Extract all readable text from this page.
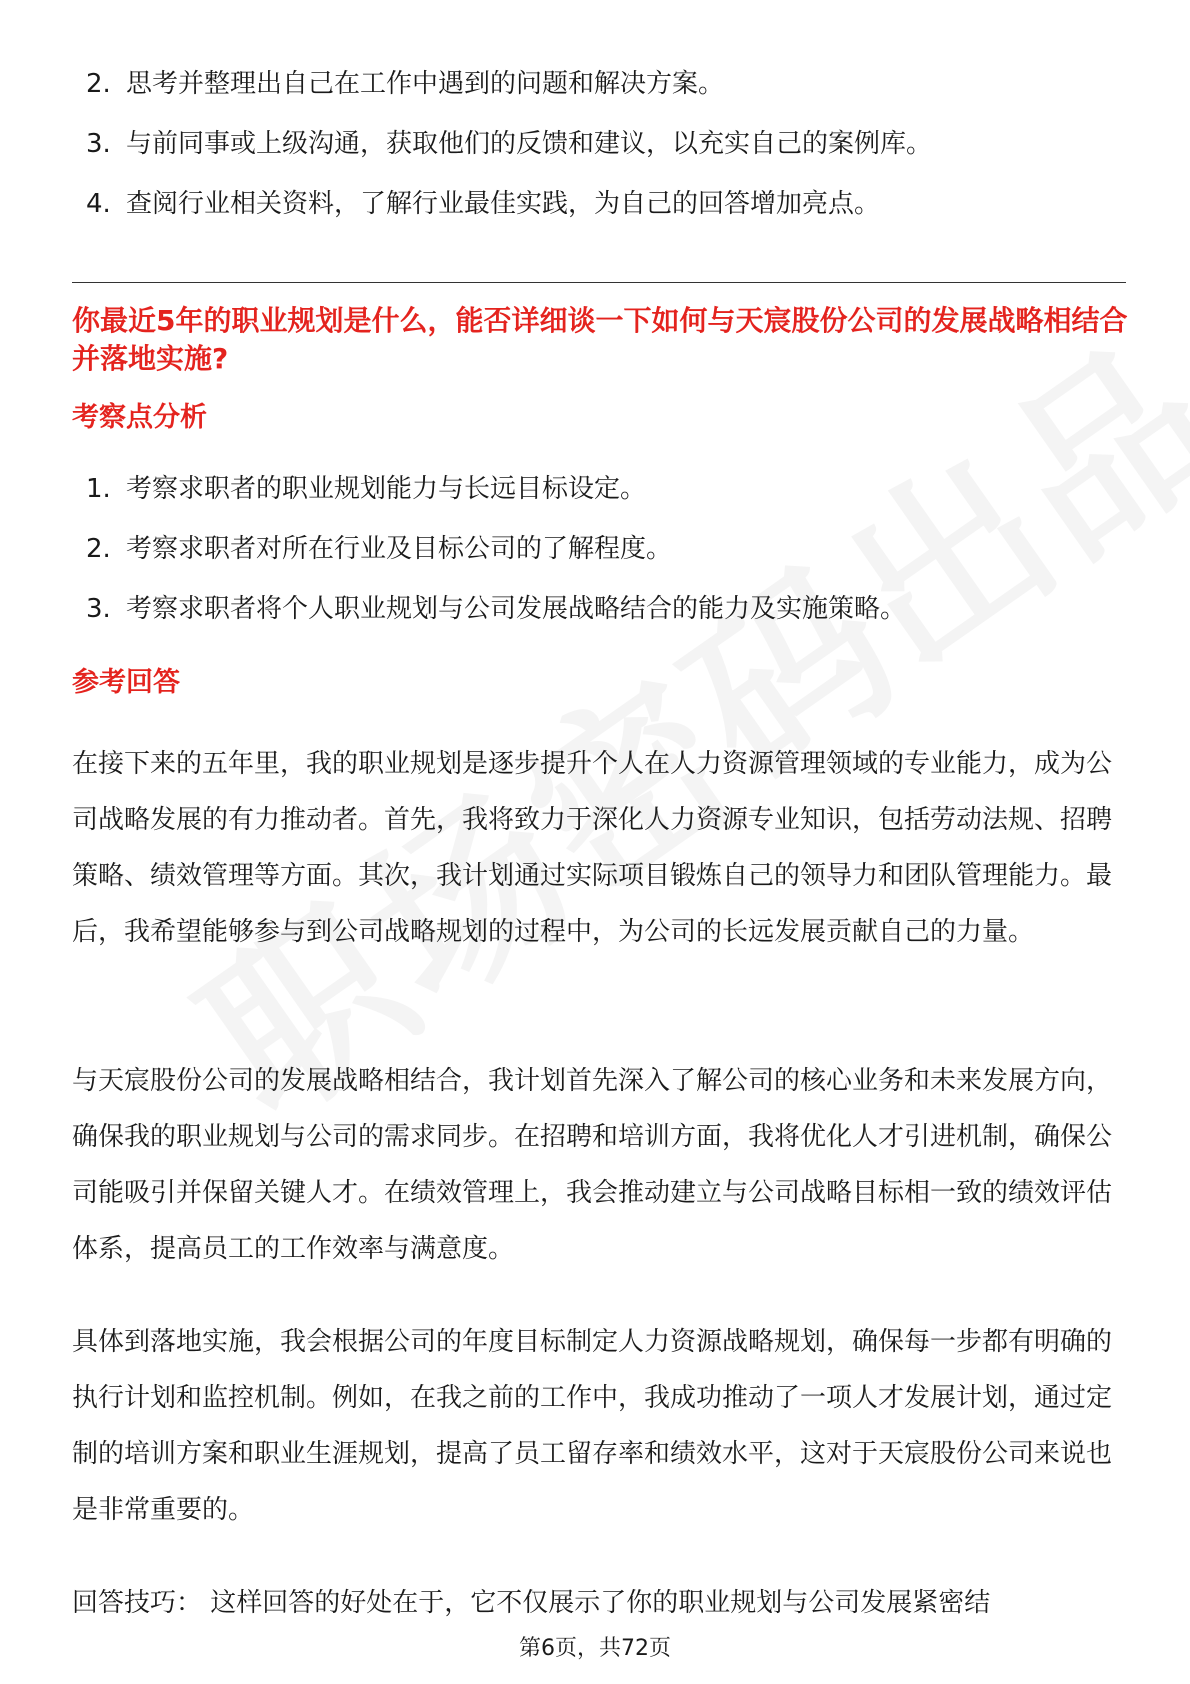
2. 思考并整理出自己在工作中遇到的问题和解决方案。
3. 与前同事或上级沟通，获取他们的反馈和建议，以充实自己的案例库。
4. 查阅行业相关资料，了解行业最佳实践，为自己的回答增加亮点。
你最近5年的职业规划是什么，能否详细谈一下如何与天宸股份公司的发展战略相结合并落地实施?
考察点分析
1. 考察求职者的职业规划能力与长远目标设定。
2. 考察求职者对所在行业及目标公司的了解程度。
3. 考察求职者将个人职业规划与公司发展战略结合的能力及实施策略。
参考回答

在接下来的五年里，我的职业规划是逐步提升个人在人力资源管理领域的专业能力，成为公司战略发展的有力推动者。首先，我将致力于深化人力资源专业知识，包括劳动法规、招聘策略、绩效管理等方面。其次，我计划通过实际项目锻炼自己的领导力和团队管理能力。最后，我希望能够参与到公司战略规划的过程中，为公司的长远发展贡献自己的力量。

与天宸股份公司的发展战略相结合，我计划首先深入了解公司的核心业务和未来发展方向，确保我的职业规划与公司的需求同步。在招聘和培训方面，我将优化人才引进机制，确保公司能吸引并保留关键人才。在绩效管理上，我会推动建立与公司战略目标相一致的绩效评估体系，提高员工的工作效率与满意度。

具体到落地实施，我会根据公司的年度目标制定人力资源战略规划，确保每一步都有明确的执行计划和监控机制。例如，在我之前的工作中，我成功推动了一项人才发展计划，通过定制的培训方案和职业生涯规划，提高了员工留存率和绩效水平，这对于天宸股份公司来说也是非常重要的。

回答技巧： 这样回答的好处在于，它不仅展示了你的职业规划与公司发展紧密结

第6页，共72页
